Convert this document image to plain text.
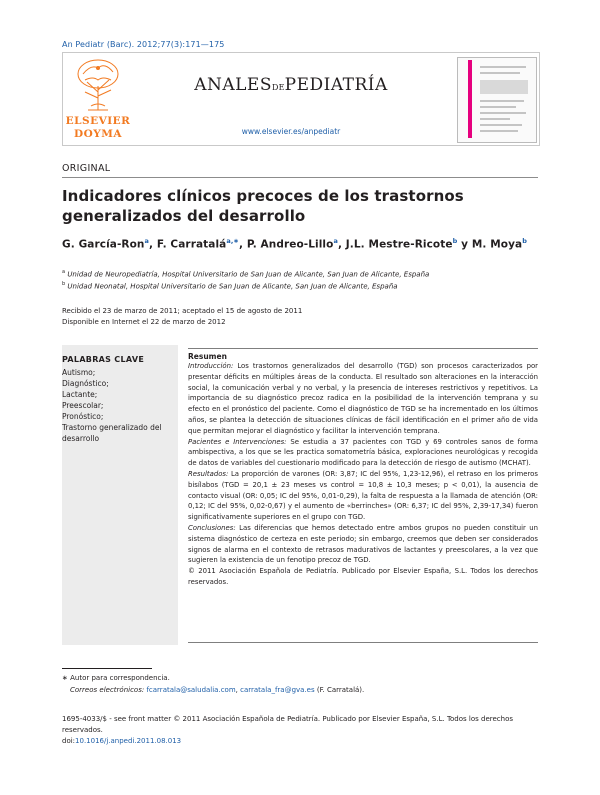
An Pediatr (Barc). 2012;77(3):171—175
ELSEVIER
DOYMA
ANALESDEPEDIATRÍA
www.elsevier.es/anpediatr
ORIGINAL
Indicadores clínicos precoces de los trastornos generalizados del desarrollo
G. García-Ron$^a$, F. Carratalá$^{a,∗}$, P. Andreo-Lillo$^a$, J.L. Mestre-Ricote$^b$ y M. Moya$^b$
$^a$ Unidad de Neuropediatría, Hospital Universitario de San Juan de Alicante, San Juan de Alicante, España
$^b$ Unidad Neonatal, Hospital Universitario de San Juan de Alicante, San Juan de Alicante, España
Recibido el 23 de marzo de 2011; aceptado el 15 de agosto de 2011
Disponible en Internet el 22 de marzo de 2012
PALABRAS CLAVE
Autismo;
Diagnóstico;
Lactante;
Preescolar;
Pronóstico;
Trastorno generalizado del desarrollo
Resumen

Introducción: Los trastornos generalizados del desarrollo (TGD) son procesos caracterizados por presentar déficits en múltiples áreas de la conducta. El resultado son alteraciones en la interacción social, la comunicación verbal y no verbal, y la presencia de intereses restrictivos y repetitivos. La importancia de su diagnóstico precoz radica en la posibilidad de la intervención temprana y su efecto en el pronóstico del paciente. Como el diagnóstico de TGD se ha incrementado en los últimos años, se plantea la detección de situaciones clínicas de fácil identificación en el primer año de vida que permitan mejorar el diagnóstico y facilitar la intervención temprana.

Pacientes e Intervenciones: Se estudia a 37 pacientes con TGD y 69 controles sanos de forma ambispectiva, a los que se les practica somatometría básica, exploraciones neurológicas y recogida de datos de variables del cuestionario modificado para la detección de riesgo de autismo (MCHAT).

Resultados: La proporción de varones (OR: 3,87; IC del 95%, 1,23-12,96), el retraso en los primeros bisílabos (TGD = 20,1 ± 23 meses vs control = 10,8 ± 10,3 meses; p < 0,01), la ausencia de contacto visual (OR: 0,05; IC del 95%, 0,01-0,29), la falta de respuesta a la llamada de atención (OR: 0,12; IC del 95%, 0,02-0,67) y el aumento de «berrinches» (OR: 6,37; IC del 95%, 2,39-17,34) fueron significativamente superiores en el grupo con TGD.

Conclusiones: Las diferencias que hemos detectado entre ambos grupos no pueden constituir un sistema diagnóstico de certeza en este periodo; sin embargo, creemos que deben ser considerados signos de alarma en el contexto de retrasos madurativos de lactantes y preescolares, a la vez que sugieren la existencia de un fenotipo precoz de TGD.

© 2011 Asociación Española de Pediatría. Publicado por Elsevier España, S.L. Todos los derechos reservados.

∗ Autor para correspondencia.
Correos electrónicos: fcarratala@saludalia.com, carratala_fra@gva.es (F. Carratalá).
1695-4033/$ - see front matter © 2011 Asociación Española de Pediatría. Publicado por Elsevier España, S.L. Todos los derechos reservados.
doi:10.1016/j.anpedi.2011.08.013
